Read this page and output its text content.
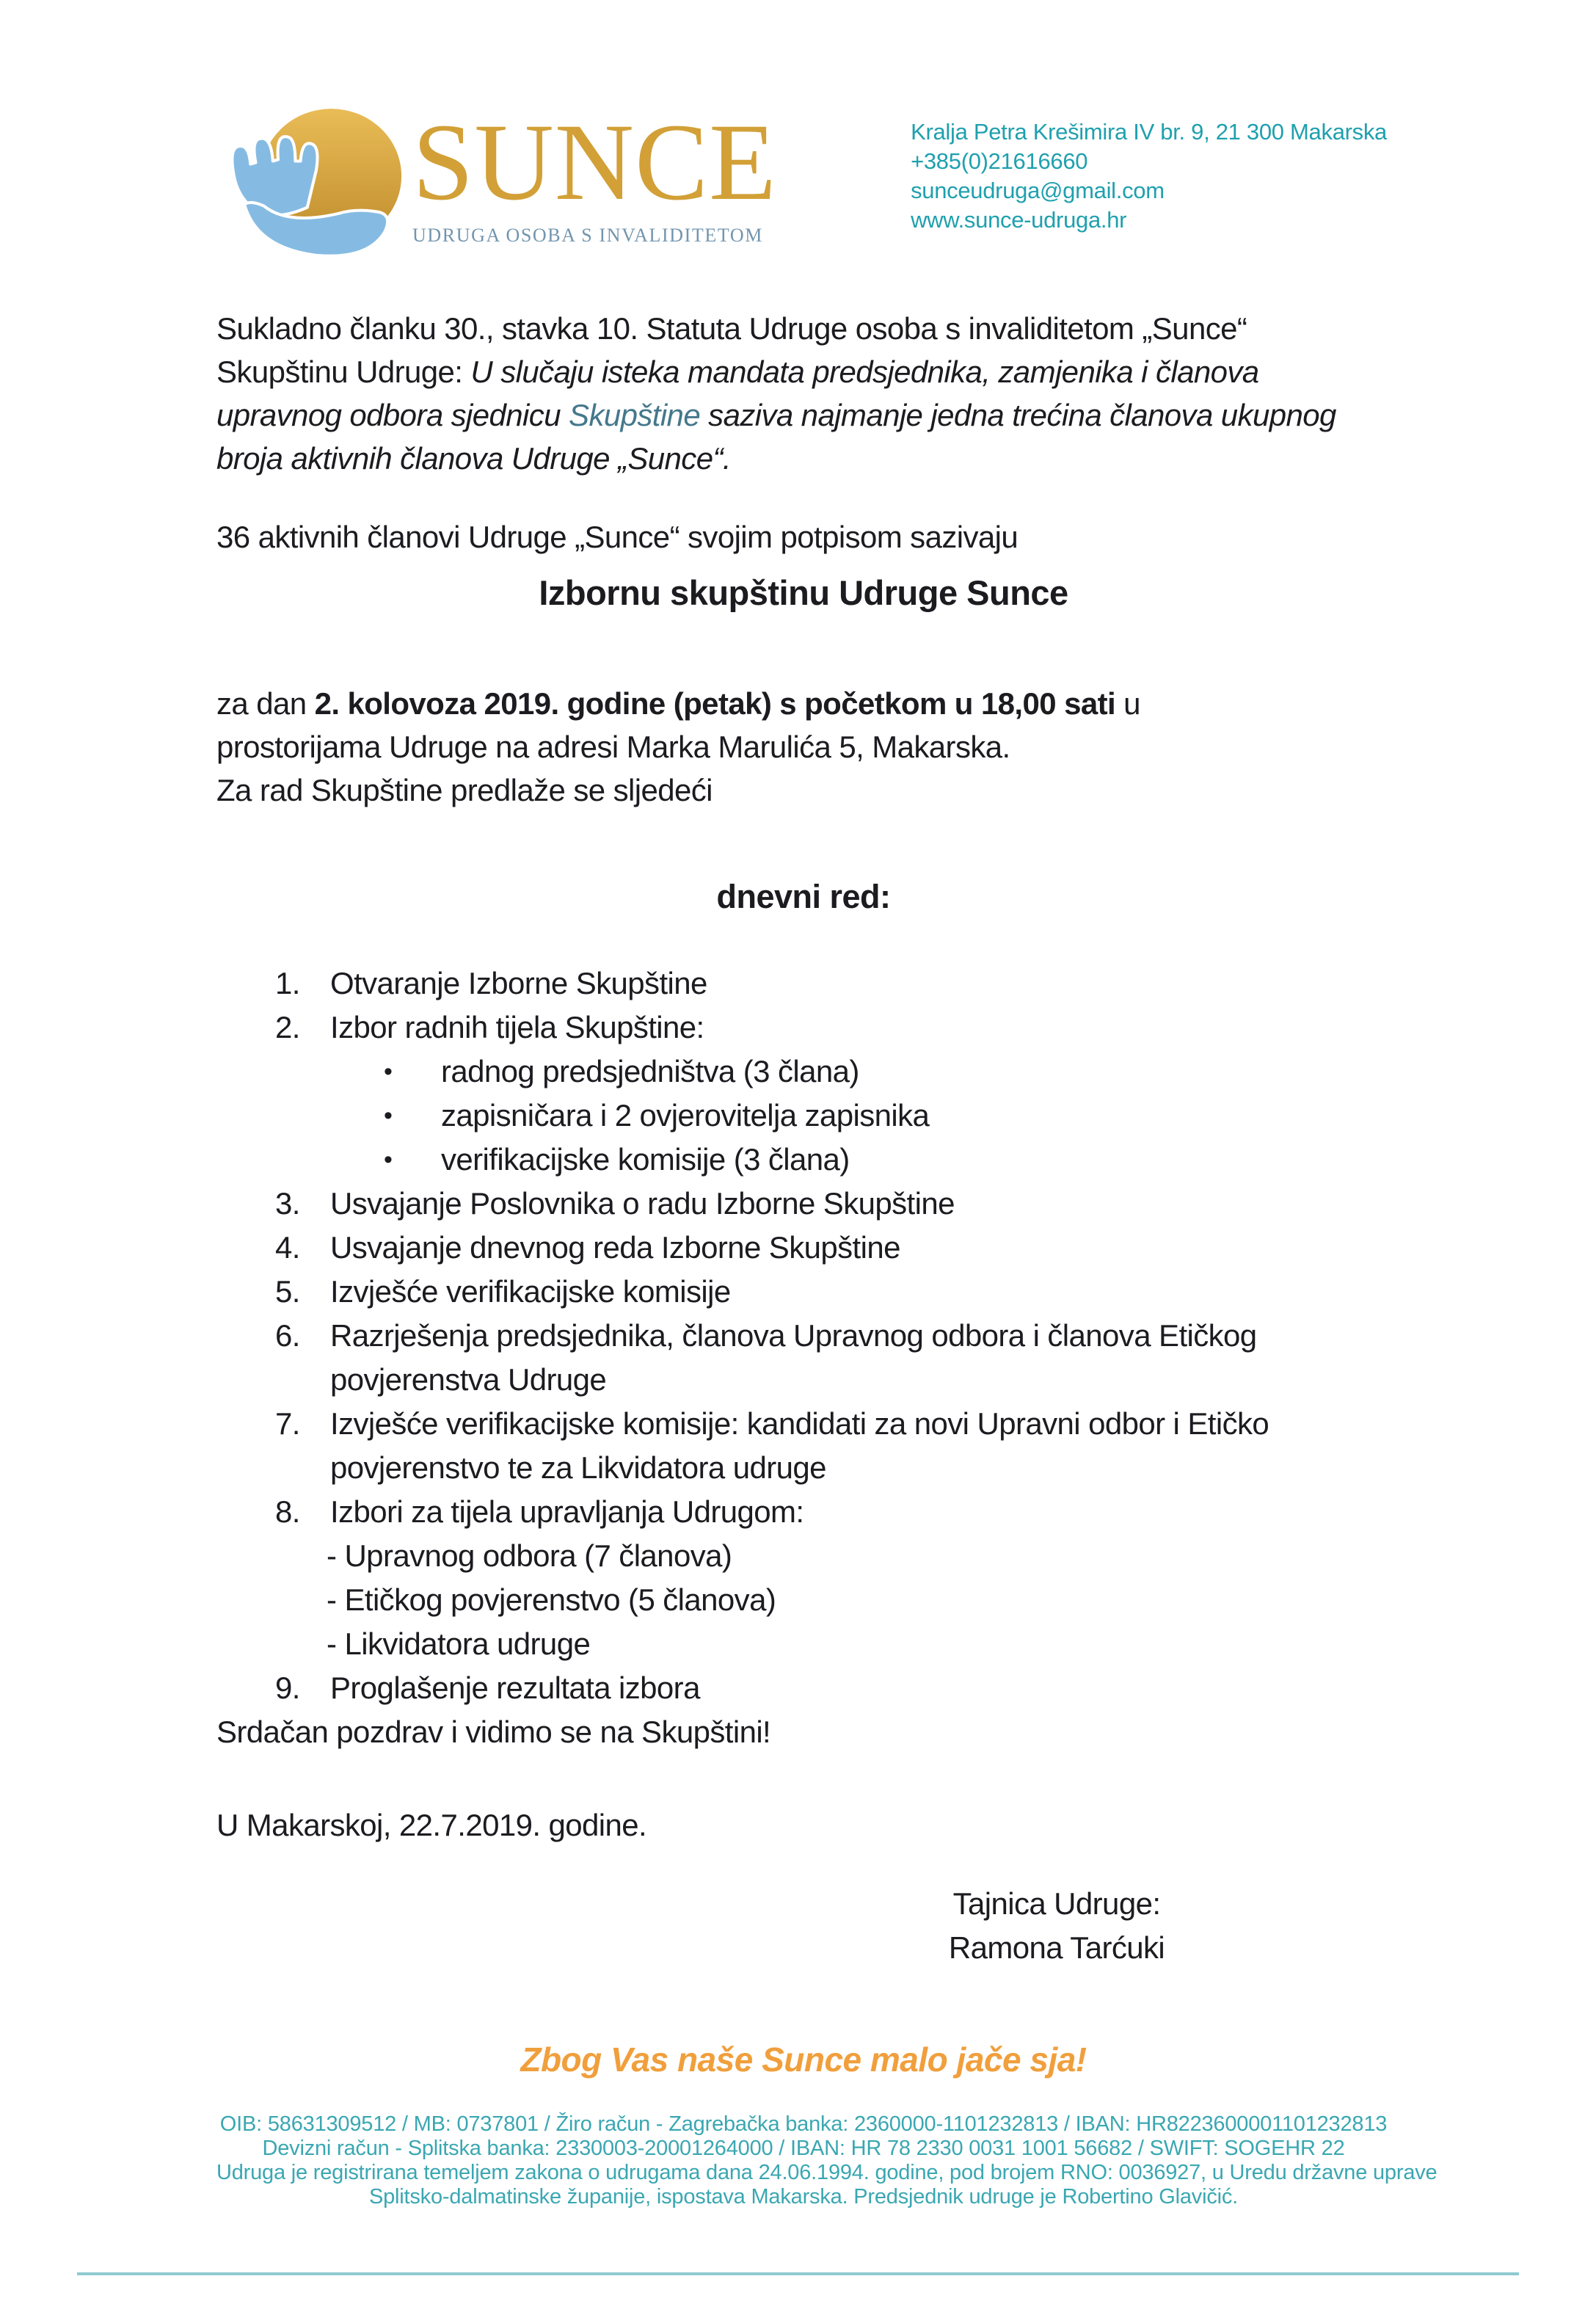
SUNCE
UDRUGA OSOBA S INVALIDITETOM
Kralja Petra Krešimira IV br. 9, 21 300 Makarska
+385(0)21616660
sunceudruga@gmail.com
www.sunce-udruga.hr
Sukladno članku 30., stavka 10. Statuta Udruge osoba s invaliditetom „Sunce“
Skupštinu Udruge: U slučaju isteka mandata predsjednika, zamjenika i članova
upravnog odbora sjednicu Skupštine saziva najmanje jedna trećina članova ukupnog
broja aktivnih članova Udruge „Sunce“.
36 aktivnih članovi Udruge „Sunce“ svojim potpisom sazivaju
Izbornu skupštinu Udruge Sunce
za dan 2. kolovoza 2019. godine (petak) s početkom u 18,00 sati u
prostorijama Udruge na adresi Marka Marulića 5, Makarska.
Za rad Skupštine predlaže se sljedeći
dnevni red:
1. Otvaranje Izborne Skupštine
2. Izbor radnih tijela Skupštine:
•	radnog predsjedništva (3 člana)
•	zapisničara i 2 ovjerovitelja zapisnika
•	verifikacijske komisije (3 člana)
3. Usvajanje Poslovnika o radu Izborne Skupštine
4. Usvajanje dnevnog reda Izborne Skupštine
5. Izvješće verifikacijske komisije
6. Razrješenja predsjednika, članova Upravnog odbora i članova Etičkog
povjerenstva Udruge
7. Izvješće verifikacijske komisije: kandidati za novi Upravni odbor i Etičko
povjerenstvo te za Likvidatora udruge
8. Izbori za tijela upravljanja Udrugom:
- Upravnog odbora (7 članova)
- Etičkog povjerenstvo (5 članova)
- Likvidatora udruge
9. Proglašenje rezultata izbora
Srdačan pozdrav i vidimo se na Skupštini!
U Makarskoj, 22.7.2019. godine.
Tajnica Udruge:
Ramona Tarćuki
Zbog Vas naše Sunce malo jače sja!
OIB: 58631309512 / MB: 0737801 / Žiro račun - Zagrebačka banka: 2360000-1101232813 / IBAN: HR8223600001101232813
Devizni račun - Splitska banka: 2330003-20001264000 / IBAN: HR 78 2330 0031 1001 56682 / SWIFT: SOGEHR 22
Udruga je registrirana temeljem zakona o udrugama dana 24.06.1994. godine, pod brojem RNO: 0036927, u Uredu državne uprave
Splitsko-dalmatinske županije, ispostava Makarska. Predsjednik udruge je Robertino Glavičić.
